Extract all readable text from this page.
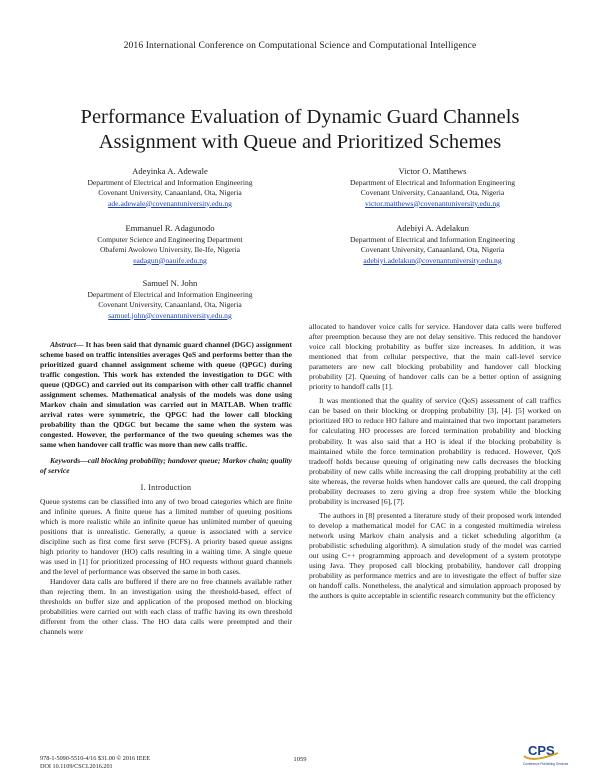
2016 International Conference on Computational Science and Computational Intelligence
Performance Evaluation of Dynamic Guard Channels
Assignment with Queue and Prioritized Schemes
Adeyinka A. Adewale
Department of Electrical and Information Engineering
Covenant University, Canaanland, Ota, Nigeria
ade.adewale@covenantuniversity.edu.ng
Victor O. Matthews
Department of Electrical and Information Engineering
Covenant University, Canaanland, Ota, Nigeria
victor.matthews@covenantuniversity.edu.ng
Emmanuel R. Adagunodo
Computer Science and Engineering Department
Obafemi Awolowo University, Ile-Ife, Nigeria
eadagun@oauife.edu.ng
Adebiyi A. Adelakun
Department of Electrical and Information Engineering
Covenant University, Canaanland, Ota, Nigeria
adebiyi.adelakun@covenantuniversity.edu.ng
Samuel N. John
Department of Electrical and Information Engineering
Covenant University, Canaanland, Ota, Nigeria
samuel.john@covenantuniversity.edu.ng

Abstract— It has been said that dynamic guard channel (DGC) assignment scheme based on traffic intensities averages QoS and performs better than the prioritized guard channel assignment scheme with queue (QPGC) during traffic congestion. This work has extended the investigation to DGC with queue (QDGC) and carried out its comparison with other call traffic channel assignment schemes. Mathematical analysis of the models was done using Markov chain and simulation was carried out in MATLAB. When traffic arrival rates were symmetric, the QPGC had the lower call blocking probability than the QDGC but became the same when the system was congested. However, the performance of the two queuing schemes was the same when handover call traffic was more than new calls traffic.

Keywords—call blocking probability; handover queue; Markov chain; quality of service

I. Introduction

Queue systems can be classified into any of two broad categories which are finite and infinite queues. A finite queue has a limited number of queuing positions which is more realistic while an infinite queue has unlimited number of queuing positions that is unrealistic. Generally, a queue is associated with a service discipline such as first come first serve (FCFS). A priority based queue assigns high priority to handover (HO) calls resulting in a waiting time. A single queue was used in [1] for prioritized processing of HO requests without guard channels and the level of performance was observed the same in both cases.

Handover data calls are buffered if there are no free channels available rather than rejecting them. In an investigation using the threshold-based, effect of thresholds on buffer size and application of the proposed method on blocking probabilities were carried out with each class of traffic having its own threshold different from the other class. The HO data calls were preempted and their channels were

allocated to handover voice calls for service. Handover data calls were buffered after preemption because they are not delay sensitive. This reduced the handover voice call blocking probability as buffer size increases. In addition, it was mentioned that from cellular perspective, that the main call-level service parameters are new call blocking probability and handover call blocking probability [2]. Queuing of handover calls can be a better option of assigning priority to handoff calls [1].

It was mentioned that the quality of service (QoS) assessment of call traffics can be based on their blocking or dropping probability [3], [4]. [5] worked on prioritized HO to reduce HO failure and maintained that two important parameters for calculating HO processes are forced termination probability and blocking probability. It was also said that a HO is ideal if the blocking probability is maintained while the force termination probability is reduced. However, QoS tradeoff holds because queuing of originating new calls decreases the blocking probability of new calls while increasing the call dropping probability at the cell site whereas, the reverse holds when handover calls are queued, the call dropping probability decreases to zero giving a drop free system while the blocking probability is increased [6], [7].

The authors in [8] presented a literature study of their proposed work intended to develop a mathematical model for CAC in a congested multimedia wireless network using Markov chain analysis and a ticket scheduling algorithm (a probabilistic scheduling algorithm). A simulation study of the model was carried out using C++ programming approach and development of a system prototype using Java. They proposed call blocking probability, handover call dropping probability as performance metrics and are to investigate the effect of buffer size on handoff calls. Nonetheless, the analytical and simulation approach proposed by the authors is quite acceptable in scientific research community but the efficiency

978-1-5090-5510-4/16 $31.00 © 2016 IEEE
DOI 10.1109/CSCI.2016.201
1059
CPS
Conference Publishing Services
